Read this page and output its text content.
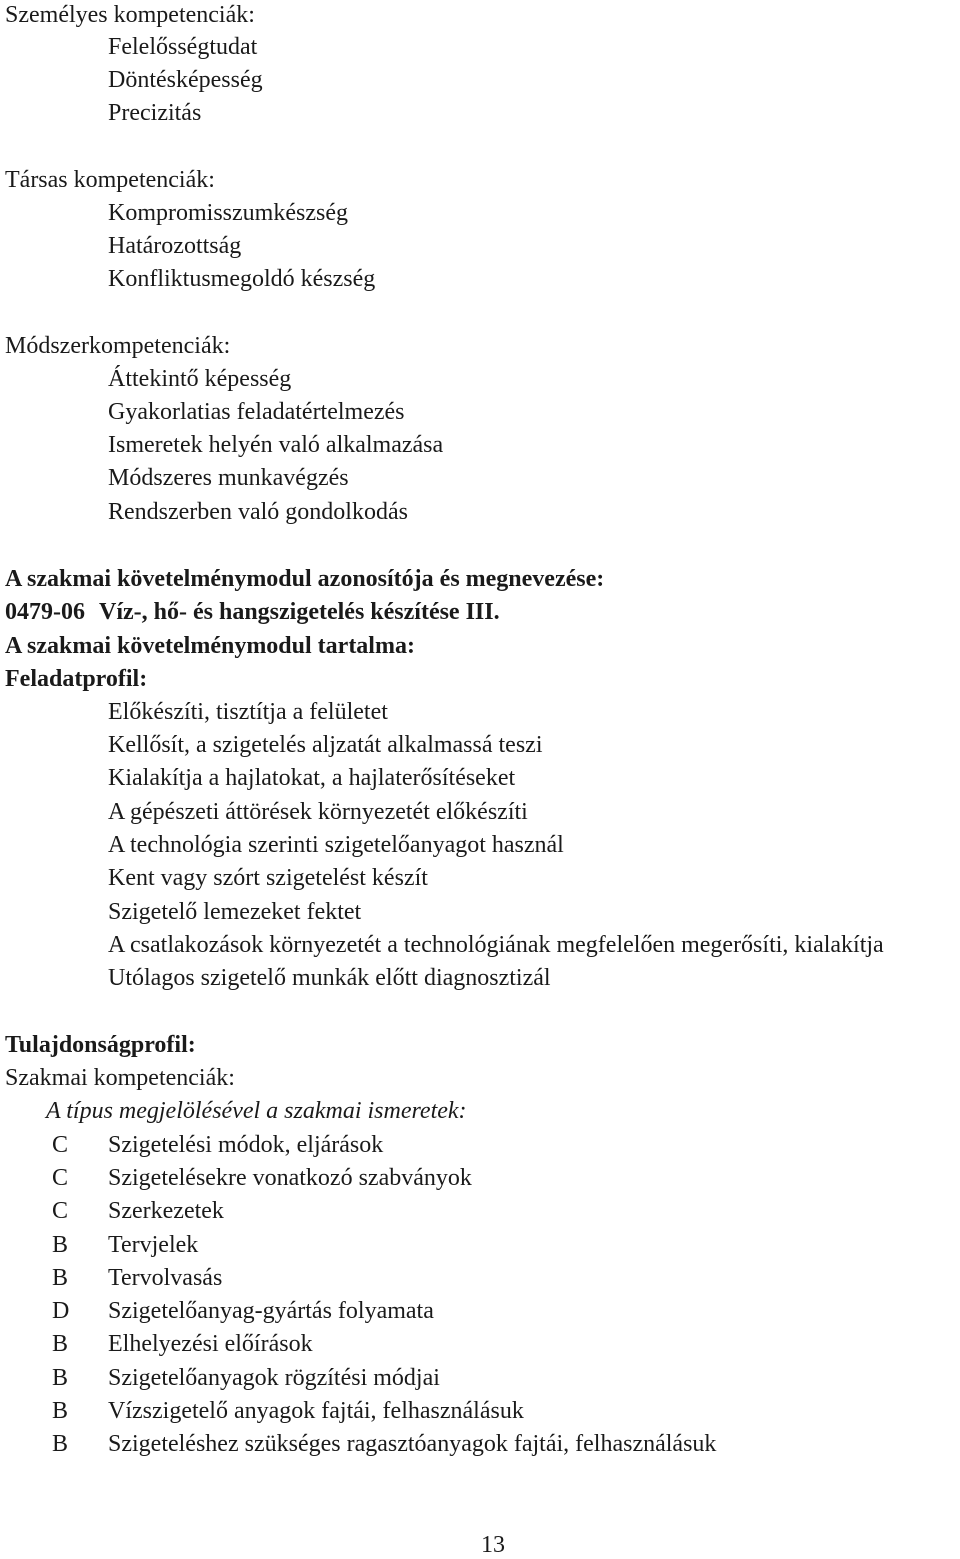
Személyes kompetenciák:
Felelősségtudat
Döntésképesség
Precizitás
Társas kompetenciák:
Kompromisszumkészség
Határozottság
Konfliktusmegoldó készség
Módszerkompetenciák:
Áttekintő képesség
Gyakorlatias feladatértelmezés
Ismeretek helyén való alkalmazása
Módszeres munkavégzés
Rendszerben való gondolkodás
A szakmai követelménymodul azonosítója és megnevezése:
0479-06 Víz-, hő- és hangszigetelés készítése III.
A szakmai követelménymodul tartalma:
Feladatprofil:
Előkészíti, tisztítja a felületet
Kellősít, a szigetelés aljzatát alkalmassá teszi
Kialakítja a hajlatokat, a hajlaterősítéseket
A gépészeti áttörések környezetét előkészíti
A technológia szerinti szigetelőanyagot használ
Kent vagy szórt szigetelést készít
Szigetelő lemezeket fektet
A csatlakozások környezetét a technológiának megfelelően megerősíti, kialakítja
Utólagos szigetelő munkák előtt diagnosztizál
Tulajdonságprofil:
Szakmai kompetenciák:
A típus megjelölésével a szakmai ismeretek:
C Szigetelési módok, eljárások
C Szigetelésekre vonatkozó szabványok
C Szerkezetek
B Tervjelek
B Tervolvasás
D Szigetelőanyag-gyártás folyamata
B Elhelyezési előírások
B Szigetelőanyagok rögzítési módjai
B Vízszigetelő anyagok fajtái, felhasználásuk
B Szigeteléshez szükséges ragasztóanyagok fajtái, felhasználásuk
13
